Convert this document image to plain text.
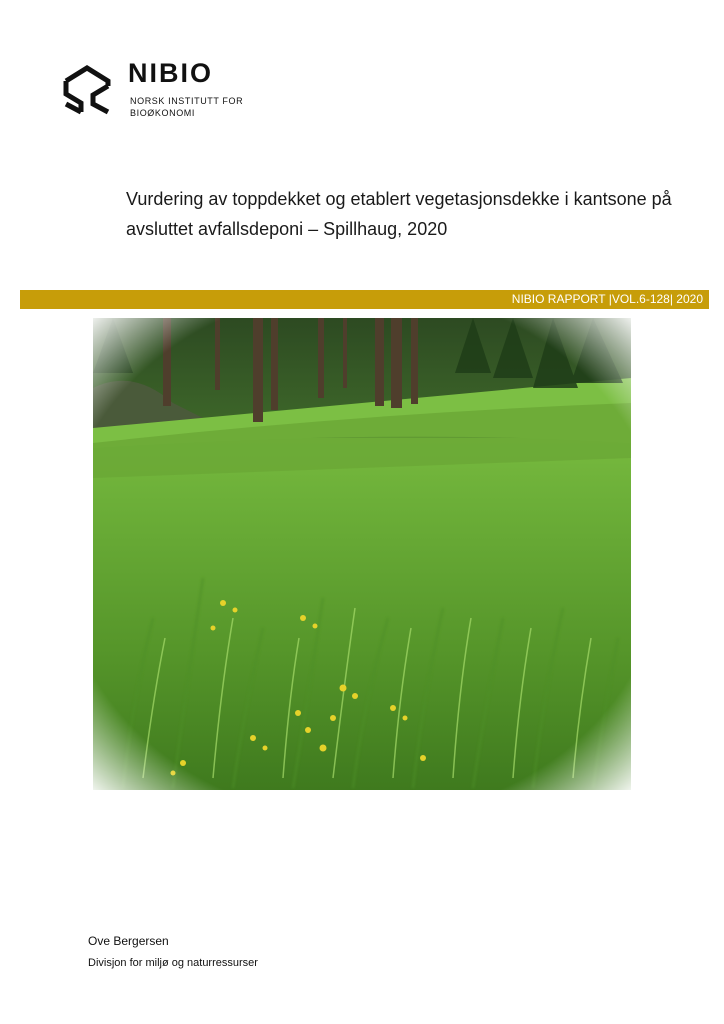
NIBIO
NORSK INSTITUTT FOR
BIOØKONOMI
Vurdering av toppdekket og etablert vegetasjonsdekke i kantsone på avsluttet avfallsdeponi – Spillhaug, 2020
NIBIO RAPPORT |VOL.6-128| 2020
Ove Bergersen
Divisjon for miljø og naturressurser
